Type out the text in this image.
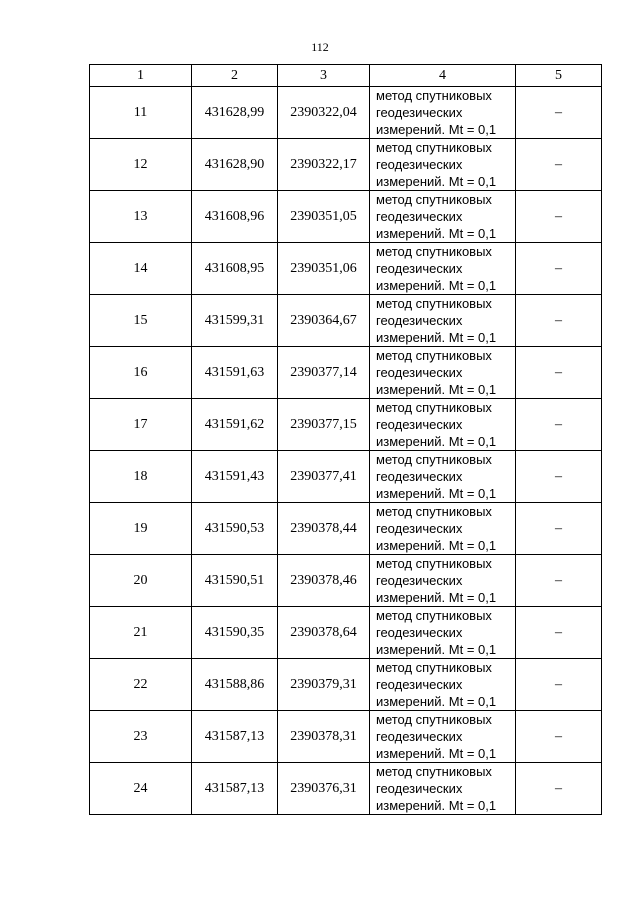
112
1	2	3	4	5
11	431628,99	2390322,04	метод спутниковых
геодезических
измерений. Mt = 0,1	–
12	431628,90	2390322,17	метод спутниковых
геодезических
измерений. Mt = 0,1	–
13	431608,96	2390351,05	метод спутниковых
геодезических
измерений. Mt = 0,1	–
14	431608,95	2390351,06	метод спутниковых
геодезических
измерений. Mt = 0,1	–
15	431599,31	2390364,67	метод спутниковых
геодезических
измерений. Mt = 0,1	–
16	431591,63	2390377,14	метод спутниковых
геодезических
измерений. Mt = 0,1	–
17	431591,62	2390377,15	метод спутниковых
геодезических
измерений. Mt = 0,1	–
18	431591,43	2390377,41	метод спутниковых
геодезических
измерений. Mt = 0,1	–
19	431590,53	2390378,44	метод спутниковых
геодезических
измерений. Mt = 0,1	–
20	431590,51	2390378,46	метод спутниковых
геодезических
измерений. Mt = 0,1	–
21	431590,35	2390378,64	метод спутниковых
геодезических
измерений. Mt = 0,1	–
22	431588,86	2390379,31	метод спутниковых
геодезических
измерений. Mt = 0,1	–
23	431587,13	2390378,31	метод спутниковых
геодезических
измерений. Mt = 0,1	–
24	431587,13	2390376,31	метод спутниковых
геодезических
измерений. Mt = 0,1	–
